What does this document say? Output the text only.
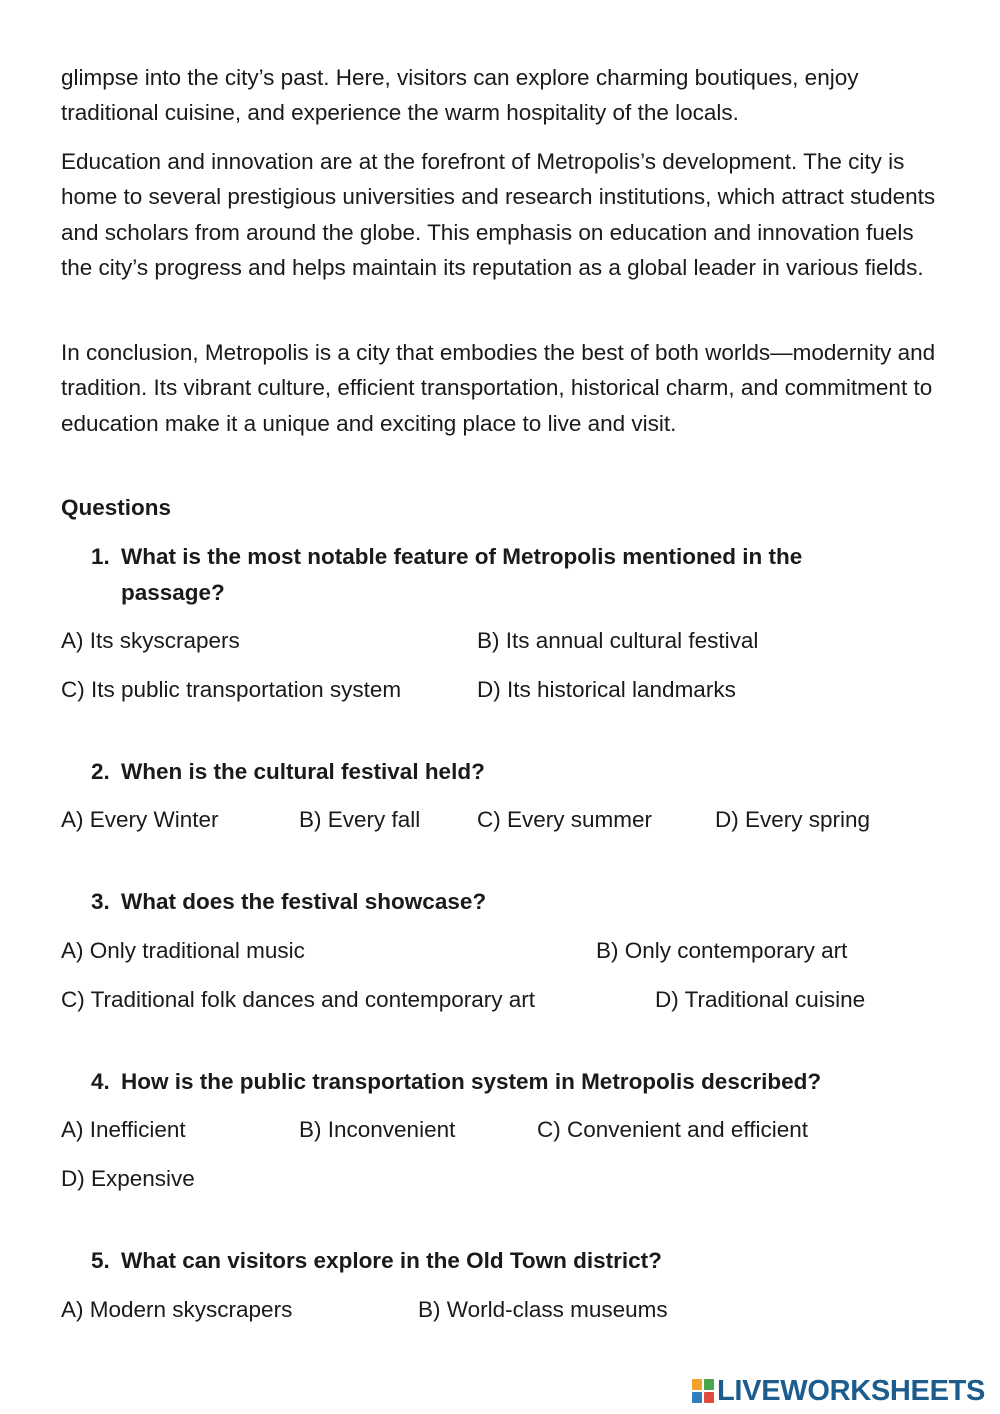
glimpse into the city’s past. Here, visitors can explore charming boutiques, enjoy traditional cuisine, and experience the warm hospitality of the locals.

Education and innovation are at the forefront of Metropolis’s development. The city is home to several prestigious universities and research institutions, which attract students and scholars from around the globe. This emphasis on education and innovation fuels the city’s progress and helps maintain its reputation as a global leader in various fields.

In conclusion, Metropolis is a city that embodies the best of both worlds—modernity and tradition. Its vibrant culture, efficient transportation, historical charm, and commitment to education make it a unique and exciting place to live and visit.

Questions
1. What is the most notable feature of Metropolis mentioned in the passage?
A) Its skyscrapers	B) Its annual cultural festival
C) Its public transportation system	D) Its historical landmarks
2. When is the cultural festival held?
A) Every Winter	B) Every fall	C) Every summer	D) Every spring
3. What does the festival showcase?
A) Only traditional music	B) Only contemporary art
C) Traditional folk dances and contemporary art	D) Traditional cuisine
4. How is the public transportation system in Metropolis described?
A) Inefficient	B) Inconvenient	C) Convenient and efficient
D) Expensive
5. What can visitors explore in the Old Town district?
A) Modern skyscrapers	B) World-class museums
LIVEWORKSHEETS
